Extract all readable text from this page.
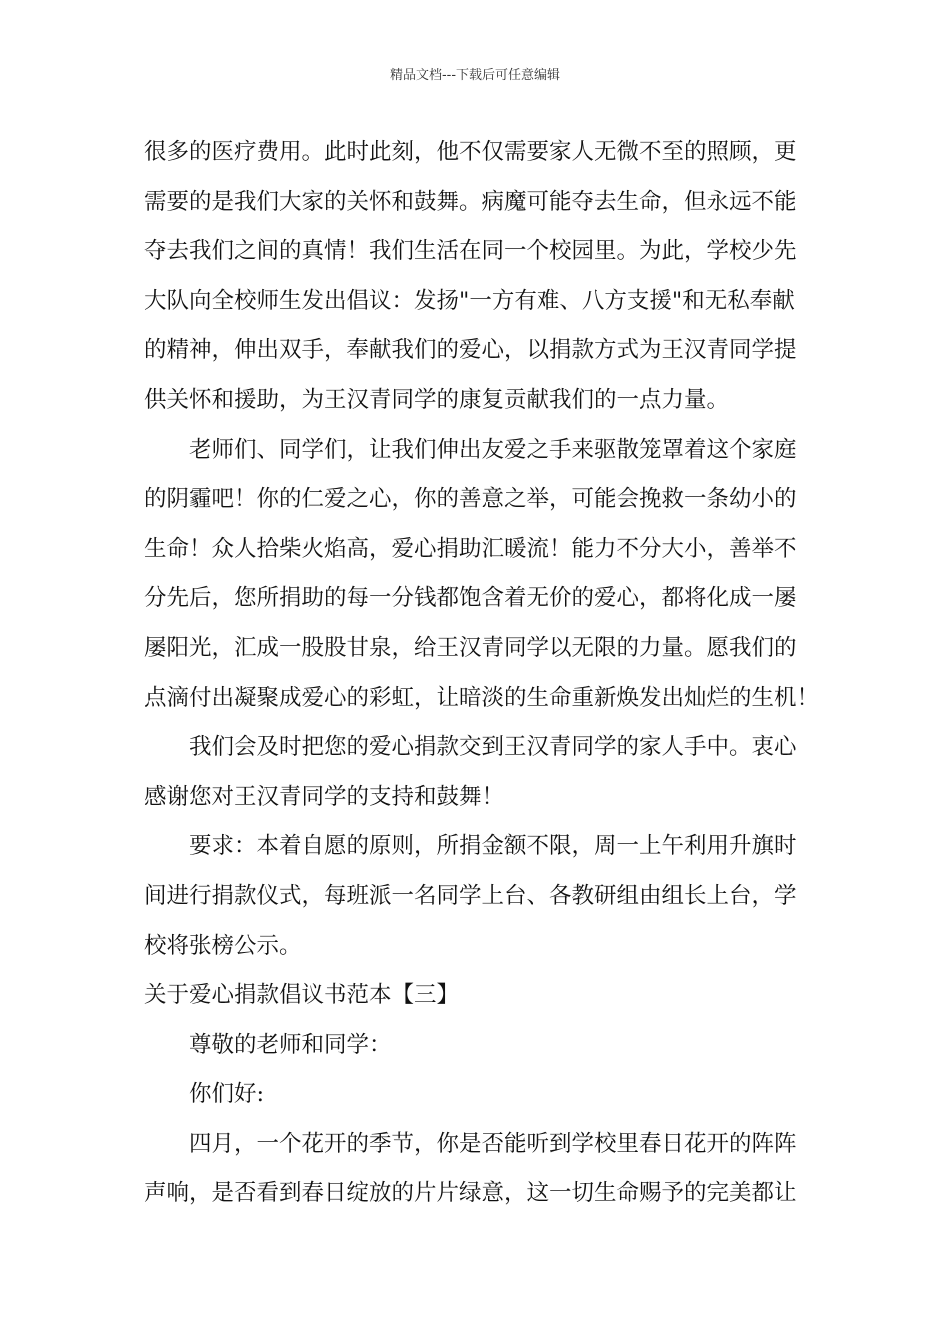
精品文档---下载后可任意编辑

很多的医疗费用。此时此刻，他不仅需要家人无微不至的照顾，更

需要的是我们大家的关怀和鼓舞。病魔可能夺去生命，但永远不能

夺去我们之间的真情！我们生活在同一个校园里。为此，学校少先

大队向全校师生发出倡议：发扬"一方有难、八方支援"和无私奉献

的精神，伸出双手，奉献我们的爱心，以捐款方式为王汉青同学提

供关怀和援助，为王汉青同学的康复贡献我们的一点力量。

老师们、同学们，让我们伸出友爱之手来驱散笼罩着这个家庭

的阴霾吧！你的仁爱之心，你的善意之举，可能会挽救一条幼小的

生命！众人拾柴火焰高，爱心捐助汇暖流！能力不分大小，善举不

分先后，您所捐助的每一分钱都饱含着无价的爱心，都将化成一屡

屡阳光，汇成一股股甘泉，给王汉青同学以无限的力量。愿我们的

点滴付出凝聚成爱心的彩虹，让暗淡的生命重新焕发出灿烂的生机！

我们会及时把您的爱心捐款交到王汉青同学的家人手中。衷心

感谢您对王汉青同学的支持和鼓舞！

要求：本着自愿的原则，所捐金额不限，周一上午利用升旗时

间进行捐款仪式，每班派一名同学上台、各教研组由组长上台，学

校将张榜公示。

关于爱心捐款倡议书范本【三】

尊敬的老师和同学：

你们好:

四月，一个花开的季节，你是否能听到学校里春日花开的阵阵

声响，是否看到春日绽放的片片绿意，这一切生命赐予的完美都让
